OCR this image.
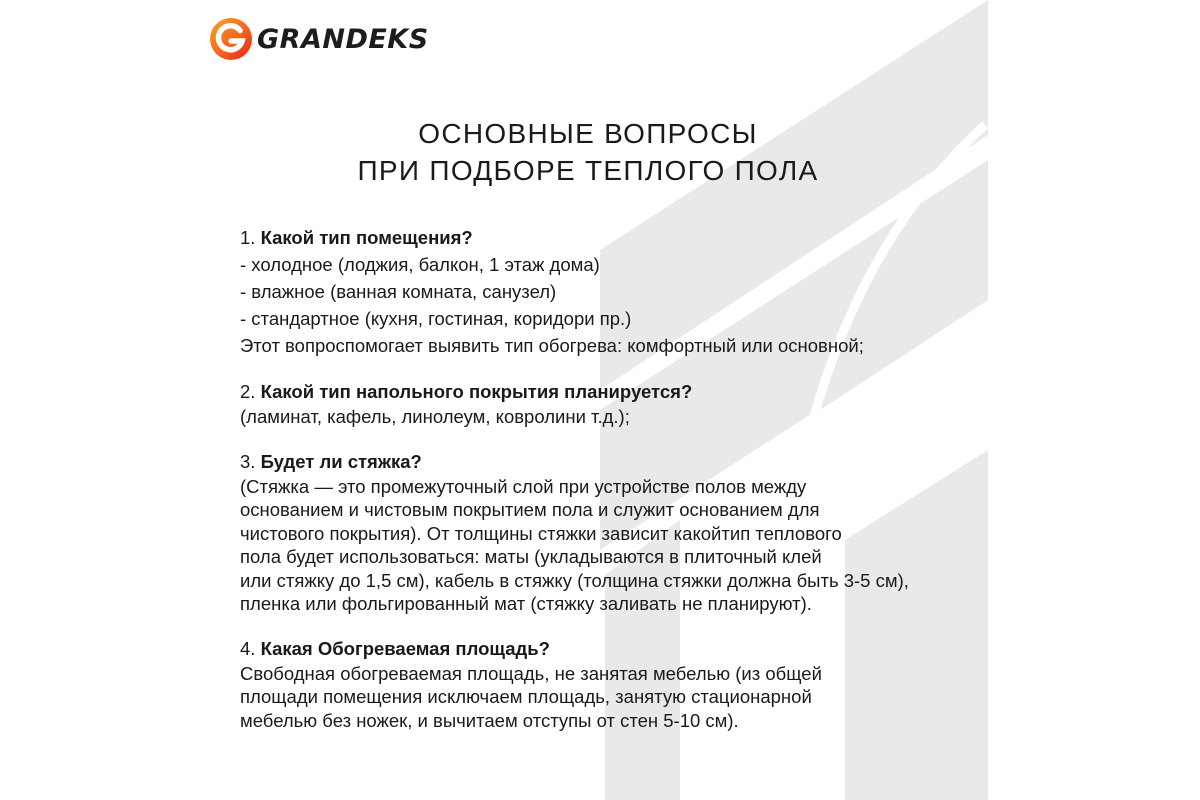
GRANDEKS
ОСНОВНЫЕ ВОПРОСЫ
ПРИ ПОДБОРЕ ТЕПЛОГО ПОЛА
1. Какой тип помещения?
- холодное (лоджия, балкон, 1 этаж дома)
- влажное (ванная комната, санузел)
- стандартное (кухня, гостиная, коридори пр.)
Этот вопроспомогает выявить тип обогрева: комфортный или основной;
2. Какой тип напольного покрытия планируется?
(ламинат, кафель, линолеум, ковролини т.д.);
3. Будет ли стяжка?
(Стяжка — это промежуточный слой при устройстве полов между
основанием и чистовым покрытием пола и служит основанием для
чистового покрытия). От толщины стяжки зависит какойтип теплового
пола будет использоваться: маты (укладываются в плиточный клей
или стяжку до 1,5 см), кабель в стяжку (толщина стяжки должна быть 3-5 см),
пленка или фольгированный мат (стяжку заливать не планируют).
4. Какая Обогреваемая площадь?
Свободная обогреваемая площадь, не занятая мебелью (из общей
площади помещения исключаем площадь, занятую стационарной
мебелью без ножек, и вычитаем отступы от стен 5-10 см).
